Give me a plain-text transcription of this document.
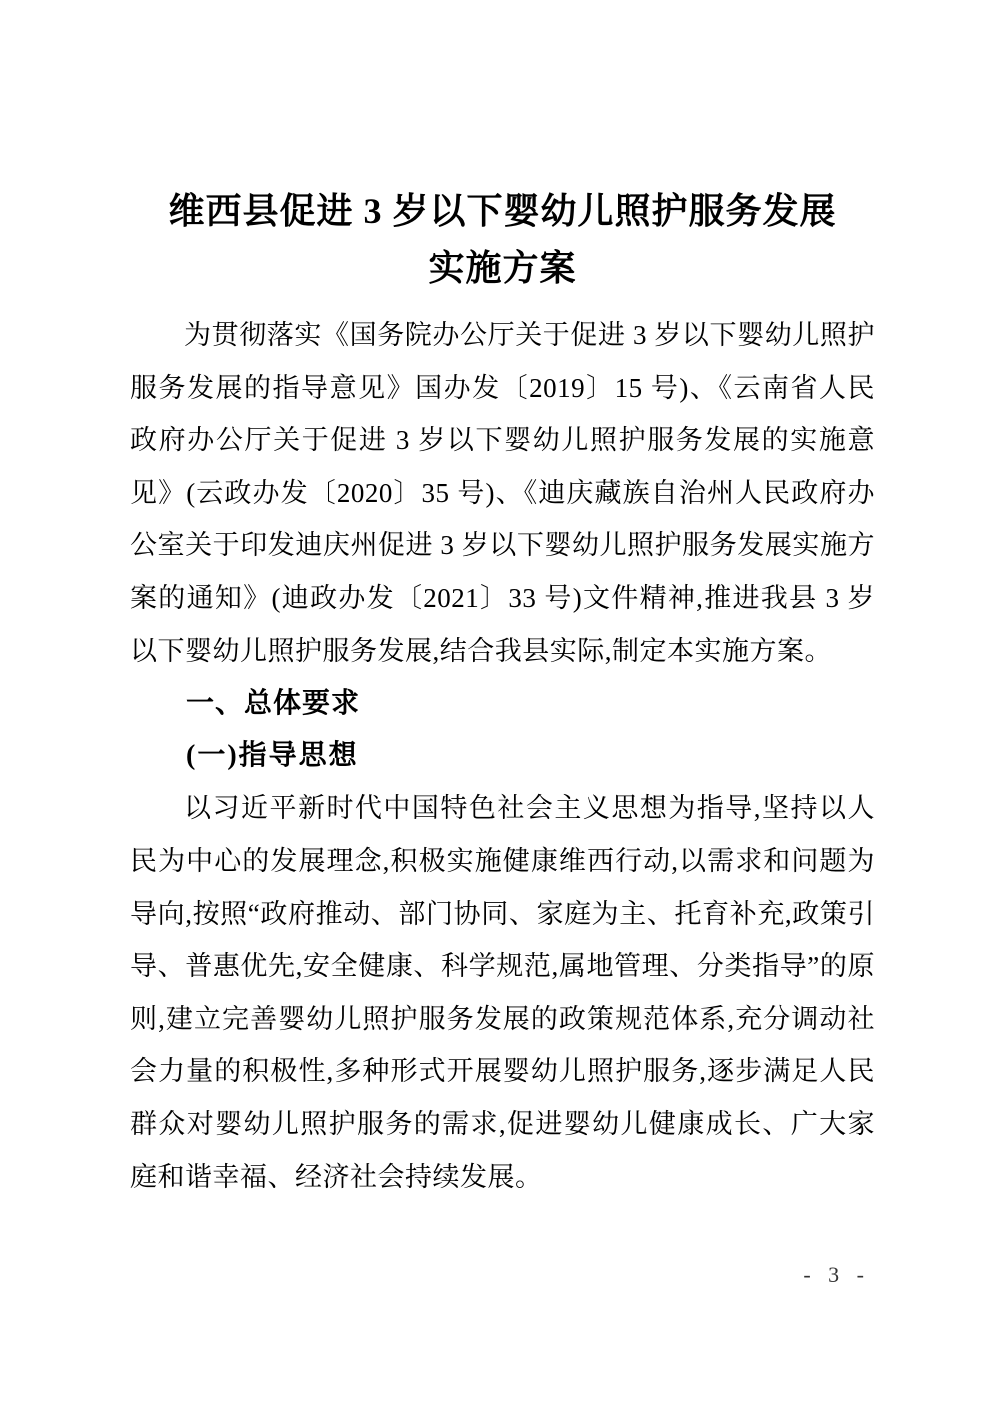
维西县促进 3 岁以下婴幼儿照护服务发展
实施方案

为贯彻落实《国务院办公厅关于促进 3 岁以下婴幼儿照护服务发展的指导意见》国办发〔2019〕15 号)、《云南省人民政府办公厅关于促进 3 岁以下婴幼儿照护服务发展的实施意见》(云政办发〔2020〕35 号)、《迪庆藏族自治州人民政府办公室关于印发迪庆州促进 3 岁以下婴幼儿照护服务发展实施方案的通知》(迪政办发〔2021〕33 号)文件精神,推进我县 3 岁以下婴幼儿照护服务发展,结合我县实际,制定本实施方案。

一、总体要求
(一)指导思想

以习近平新时代中国特色社会主义思想为指导,坚持以人民为中心的发展理念,积极实施健康维西行动,以需求和问题为导向,按照“政府推动、部门协同、家庭为主、托育补充,政策引导、普惠优先,安全健康、科学规范,属地管理、分类指导”的原则,建立完善婴幼儿照护服务发展的政策规范体系,充分调动社会力量的积极性,多种形式开展婴幼儿照护服务,逐步满足人民群众对婴幼儿照护服务的需求,促进婴幼儿健康成长、广大家庭和谐幸福、经济社会持续发展。

- 3 -
